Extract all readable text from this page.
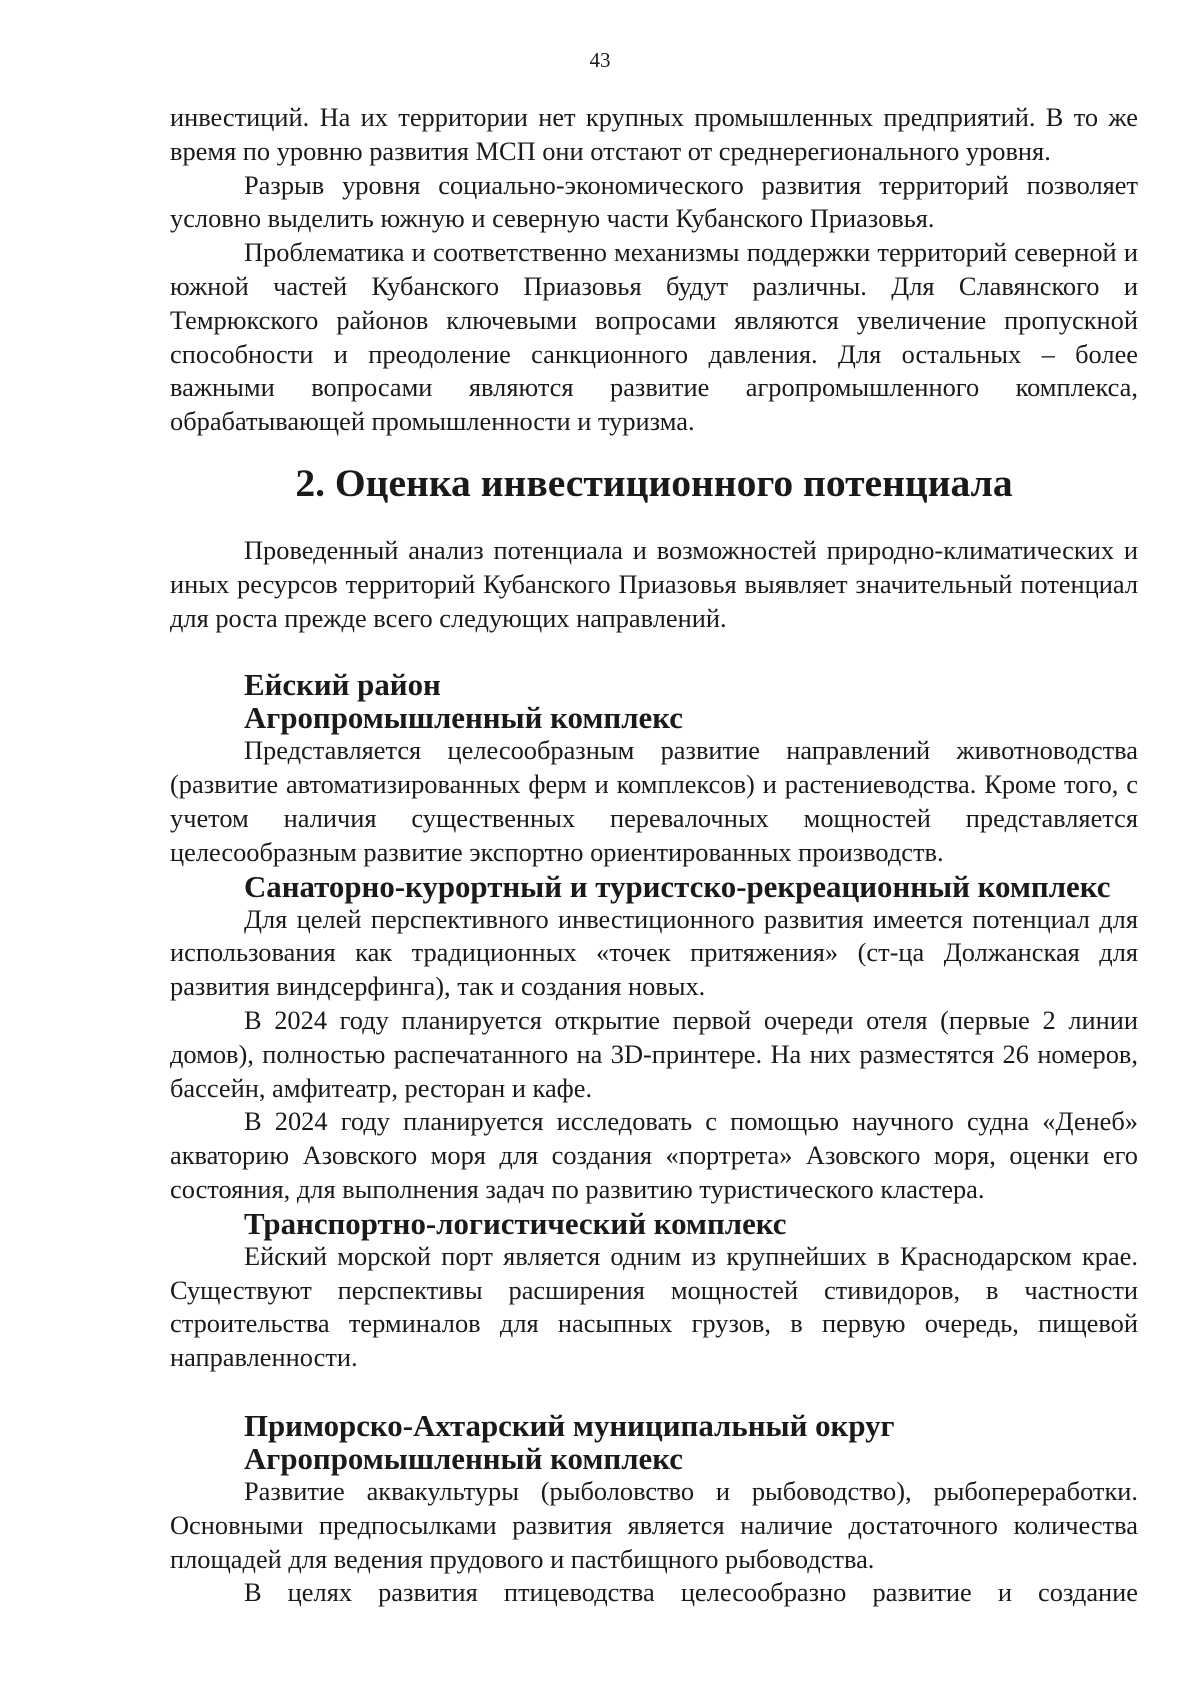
43

инвестиций. На их территории нет крупных промышленных предприятий. В то же время по уровню развития МСП они отстают от среднерегионального уровня.

Разрыв уровня социально-экономического развития территорий позволяет условно выделить южную и северную части Кубанского Приазовья.

Проблематика и соответственно механизмы поддержки территорий северной и южной частей Кубанского Приазовья будут различны. Для Славянского и Темрюкского районов ключевыми вопросами являются увеличение пропускной способности и преодоление санкционного давления. Для остальных – более важными вопросами являются развитие агропромышленного комплекса, обрабатывающей промышленности и туризма.

2. Оценка инвестиционного потенциала

Проведенный анализ потенциала и возможностей природно-климатических и иных ресурсов территорий Кубанского Приазовья выявляет значительный потенциал для роста прежде всего следующих направлений.

Ейский район
Агропромышленный комплекс

Представляется целесообразным развитие направлений животноводства (развитие автоматизированных ферм и комплексов) и растениеводства. Кроме того, с учетом наличия существенных перевалочных мощностей представляется целесообразным развитие экспортно ориентированных производств.

Санаторно-курортный и туристско-рекреационный комплекс

Для целей перспективного инвестиционного развития имеется потенциал для использования как традиционных «точек притяжения» (ст-ца Должанская для развития виндсерфинга), так и создания новых.

В 2024 году планируется открытие первой очереди отеля (первые 2 линии домов), полностью распечатанного на 3D-принтере. На них разместятся 26 номеров, бассейн, амфитеатр, ресторан и кафе.

В 2024 году планируется исследовать с помощью научного судна «Денеб» акваторию Азовского моря для создания «портрета» Азовского моря, оценки его состояния, для выполнения задач по развитию туристического кластера.

Транспортно-логистический комплекс

Ейский морской порт является одним из крупнейших в Краснодарском крае. Существуют перспективы расширения мощностей стивидоров, в частности строительства терминалов для насыпных грузов, в первую очередь, пищевой направленности.

Приморско-Ахтарский муниципальный округ
Агропромышленный комплекс

Развитие аквакультуры (рыболовство и рыбоводство), рыбопереработки. Основными предпосылками развития является наличие достаточного количества площадей для ведения прудового и пастбищного рыбоводства.

В целях развития птицеводства целесообразно развитие и создание
